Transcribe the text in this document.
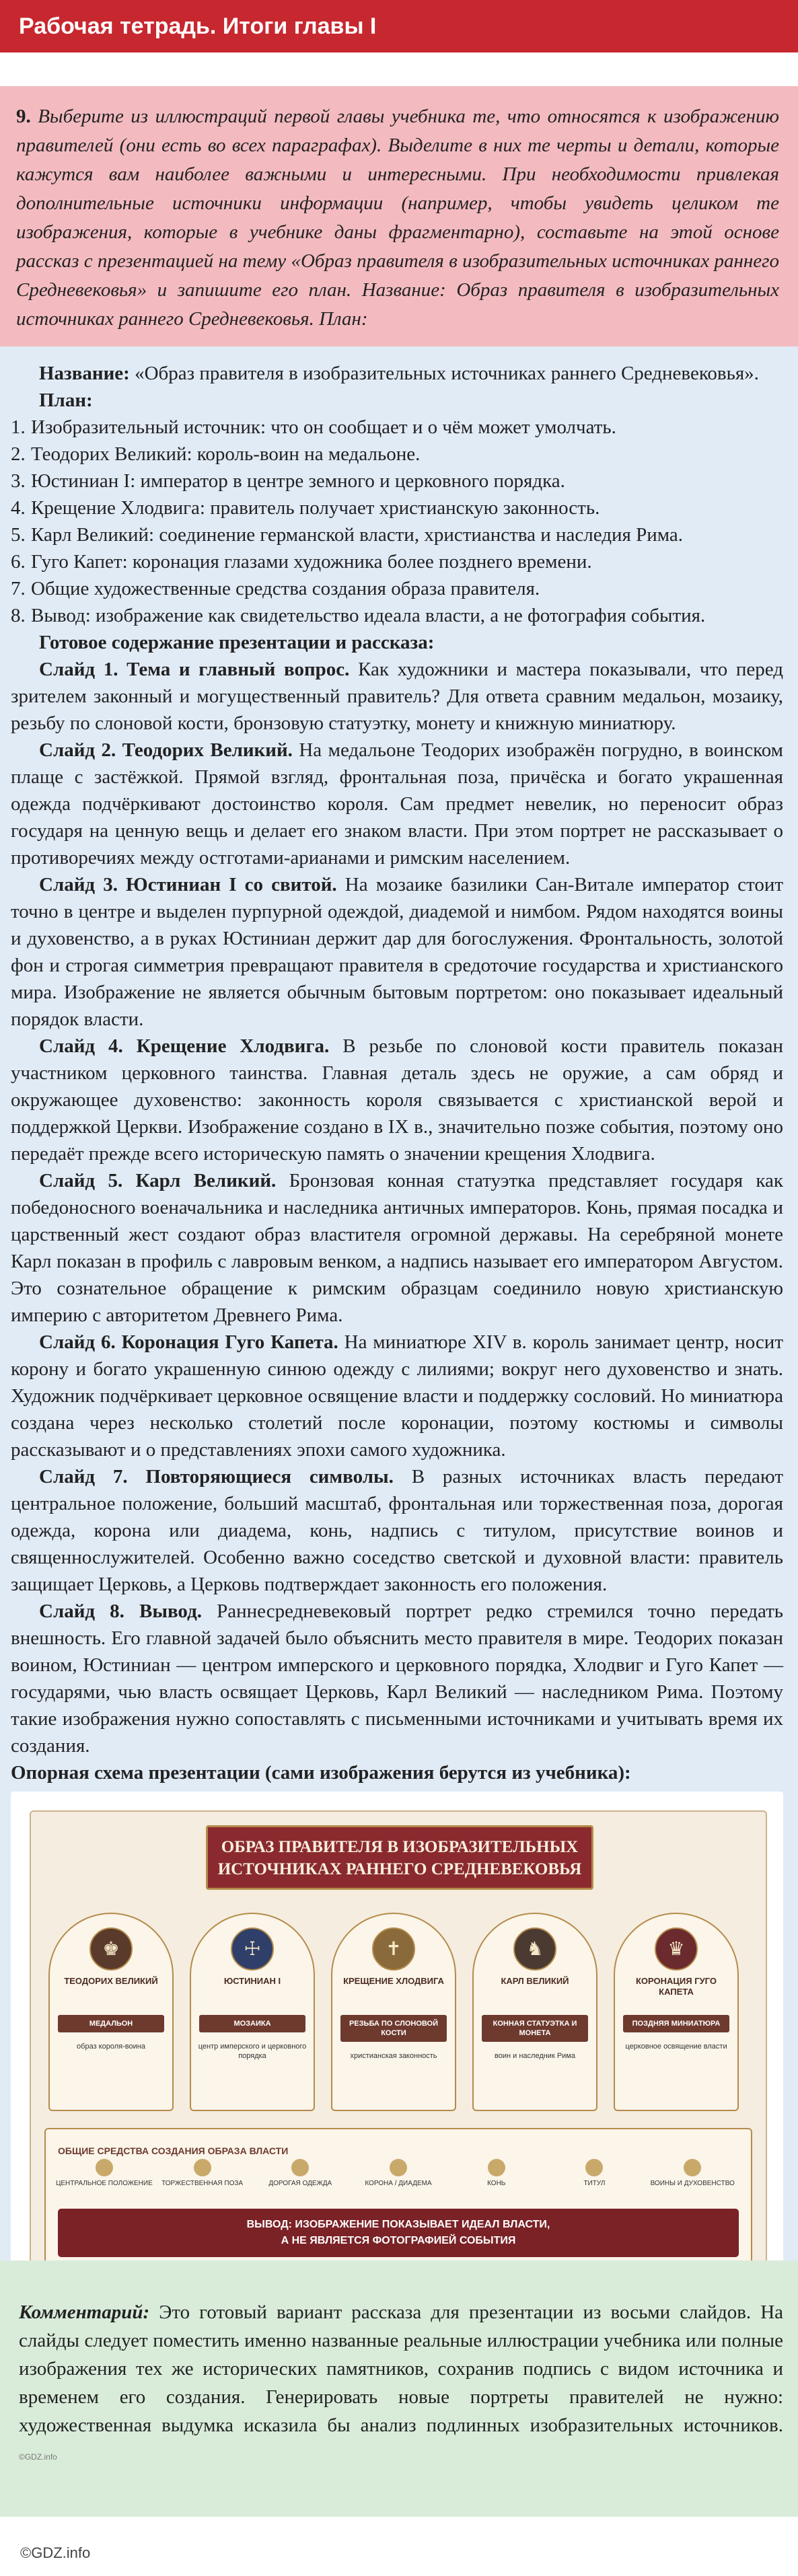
Рабочая тетрадь. Итоги главы I
9. Выберите из иллюстраций первой главы учебника те, что относятся к изображению правителей (они есть во всех параграфах). Выделите в них те черты и детали, которые кажутся вам наиболее важными и интересными. При необходимости привлекая дополнительные источники информации (например, чтобы увидеть целиком те изображения, которые в учебнике даны фрагментарно), составьте на этой основе рассказ с презентацией на тему «Образ правителя в изобразительных источниках раннего Средневековья» и запишите его план. Название: Образ правителя в изобразительных источниках раннего Средневековья. План:

Название: «Образ правителя в изобразительных источниках раннего Средневековья».

План:

1. Изобразительный источник: что он сообщает и о чём может умолчать.
2. Теодорих Великий: король-воин на медальоне.
3. Юстиниан I: император в центре земного и церковного порядка.
4. Крещение Хлодвига: правитель получает христианскую законность.
5. Карл Великий: соединение германской власти, христианства и наследия Рима.
6. Гуго Капет: коронация глазами художника более позднего времени.
7. Общие художественные средства создания образа правителя.
8. Вывод: изображение как свидетельство идеала власти, а не фотография события.

Готовое содержание презентации и рассказа:

Слайд 1. Тема и главный вопрос. Как художники и мастера показывали, что перед зрителем законный и могущественный правитель? Для ответа сравним медальон, мозаику, резьбу по слоновой кости, бронзовую статуэтку, монету и книжную миниатюру.

Слайд 2. Теодорих Великий. На медальоне Теодорих изображён погрудно, в воинском плаще с застёжкой. Прямой взгляд, фронтальная поза, причёска и богато украшенная одежда подчёркивают достоинство короля. Сам предмет невелик, но переносит образ государя на ценную вещь и делает его знаком власти. При этом портрет не рассказывает о противоречиях между остготами-арианами и римским населением.

Слайд 3. Юстиниан I со свитой. На мозаике базилики Сан-Витале император стоит точно в центре и выделен пурпурной одеждой, диадемой и нимбом. Рядом находятся воины и духовенство, а в руках Юстиниан держит дар для богослужения. Фронтальность, золотой фон и строгая симметрия превращают правителя в средоточие государства и христианского мира. Изображение не является обычным бытовым портретом: оно показывает идеальный порядок власти.

Слайд 4. Крещение Хлодвига. В резьбе по слоновой кости правитель показан участником церковного таинства. Главная деталь здесь не оружие, а сам обряд и окружающее духовенство: законность короля связывается с христианской верой и поддержкой Церкви. Изображение создано в IX в., значительно позже события, поэтому оно передаёт прежде всего историческую память о значении крещения Хлодвига.

Слайд 5. Карл Великий. Бронзовая конная статуэтка представляет государя как победоносного военачальника и наследника античных императоров. Конь, прямая посадка и царственный жест создают образ властителя огромной державы. На серебряной монете Карл показан в профиль с лавровым венком, а надпись называет его императором Августом. Это сознательное обращение к римским образцам соединило новую христианскую империю с авторитетом Древнего Рима.

Слайд 6. Коронация Гуго Капета. На миниатюре XIV в. король занимает центр, носит корону и богато украшенную синюю одежду с лилиями; вокруг него духовенство и знать. Художник подчёркивает церковное освящение власти и поддержку сословий. Но миниатюра создана через несколько столетий после коронации, поэтому костюмы и символы рассказывают и о представлениях эпохи самого художника.

Слайд 7. Повторяющиеся символы. В разных источниках власть передают центральное положение, больший масштаб, фронтальная или торжественная поза, дорогая одежда, корона или диадема, конь, надпись с титулом, присутствие воинов и священнослужителей. Особенно важно соседство светской и духовной власти: правитель защищает Церковь, а Церковь подтверждает законность его положения.

Слайд 8. Вывод. Раннесредневековый портрет редко стремился точно передать внешность. Его главной задачей было объяснить место правителя в мире. Теодорих показан воином, Юстиниан — центром имперского и церковного порядка, Хлодвиг и Гуго Капет — государями, чью власть освящает Церковь, Карл Великий — наследником Рима. Поэтому такие изображения нужно сопоставлять с письменными источниками и учитывать время их создания.

Опорная схема презентации (сами изображения берутся из учебника):

ОБРАЗ ПРАВИТЕЛЯ В ИЗОБРАЗИТЕЛЬНЫХ ИСТОЧНИКАХ РАННЕГО СРЕДНЕВЕКОВЬЯ
♚
ТЕОДОРИХ ВЕЛИКИЙ
МЕДАЛЬОН
образ короля-воина
☩
ЮСТИНИАН I
МОЗАИКА
центр имперского и церковного порядка
✝
КРЕЩЕНИЕ ХЛОДВИГА
РЕЗЬБА ПО СЛОНОВОЙ КОСТИ
христианская законность
♞
КАРЛ ВЕЛИКИЙ
КОННАЯ СТАТУЭТКА И МОНЕТА
воин и наследник Рима
♛
КОРОНАЦИЯ ГУГО КАПЕТА
ПОЗДНЯЯ МИНИАТЮРА
церковное освящение власти
ОБЩИЕ СРЕДСТВА СОЗДАНИЯ ОБРАЗА ВЛАСТИ
ЦЕНТРАЛЬНОЕ ПОЛОЖЕНИЕ	ТОРЖЕСТВЕННАЯ ПОЗА	ДОРОГАЯ ОДЕЖДА	КОРОНА / ДИАДЕМА	КОНЬ	ТИТУЛ	ВОИНЫ И ДУХОВЕНСТВО
ВЫВОД: ИЗОБРАЖЕНИЕ ПОКАЗЫВАЕТ ИДЕАЛ ВЛАСТИ,
А НЕ ЯВЛЯЕТСЯ ФОТОГРАФИЕЙ СОБЫТИЯ
Комментарий: Это готовый вариант рассказа для презентации из восьми слайдов. На слайды следует поместить именно названные реальные иллюстрации учебника или полные изображения тех же исторических памятников, сохранив подпись с видом источника и временем его создания. Генерировать новые портреты правителей не нужно: художественная выдумка исказила бы анализ подлинных изобразительных источников. ©GDZ.info
©GDZ.info
